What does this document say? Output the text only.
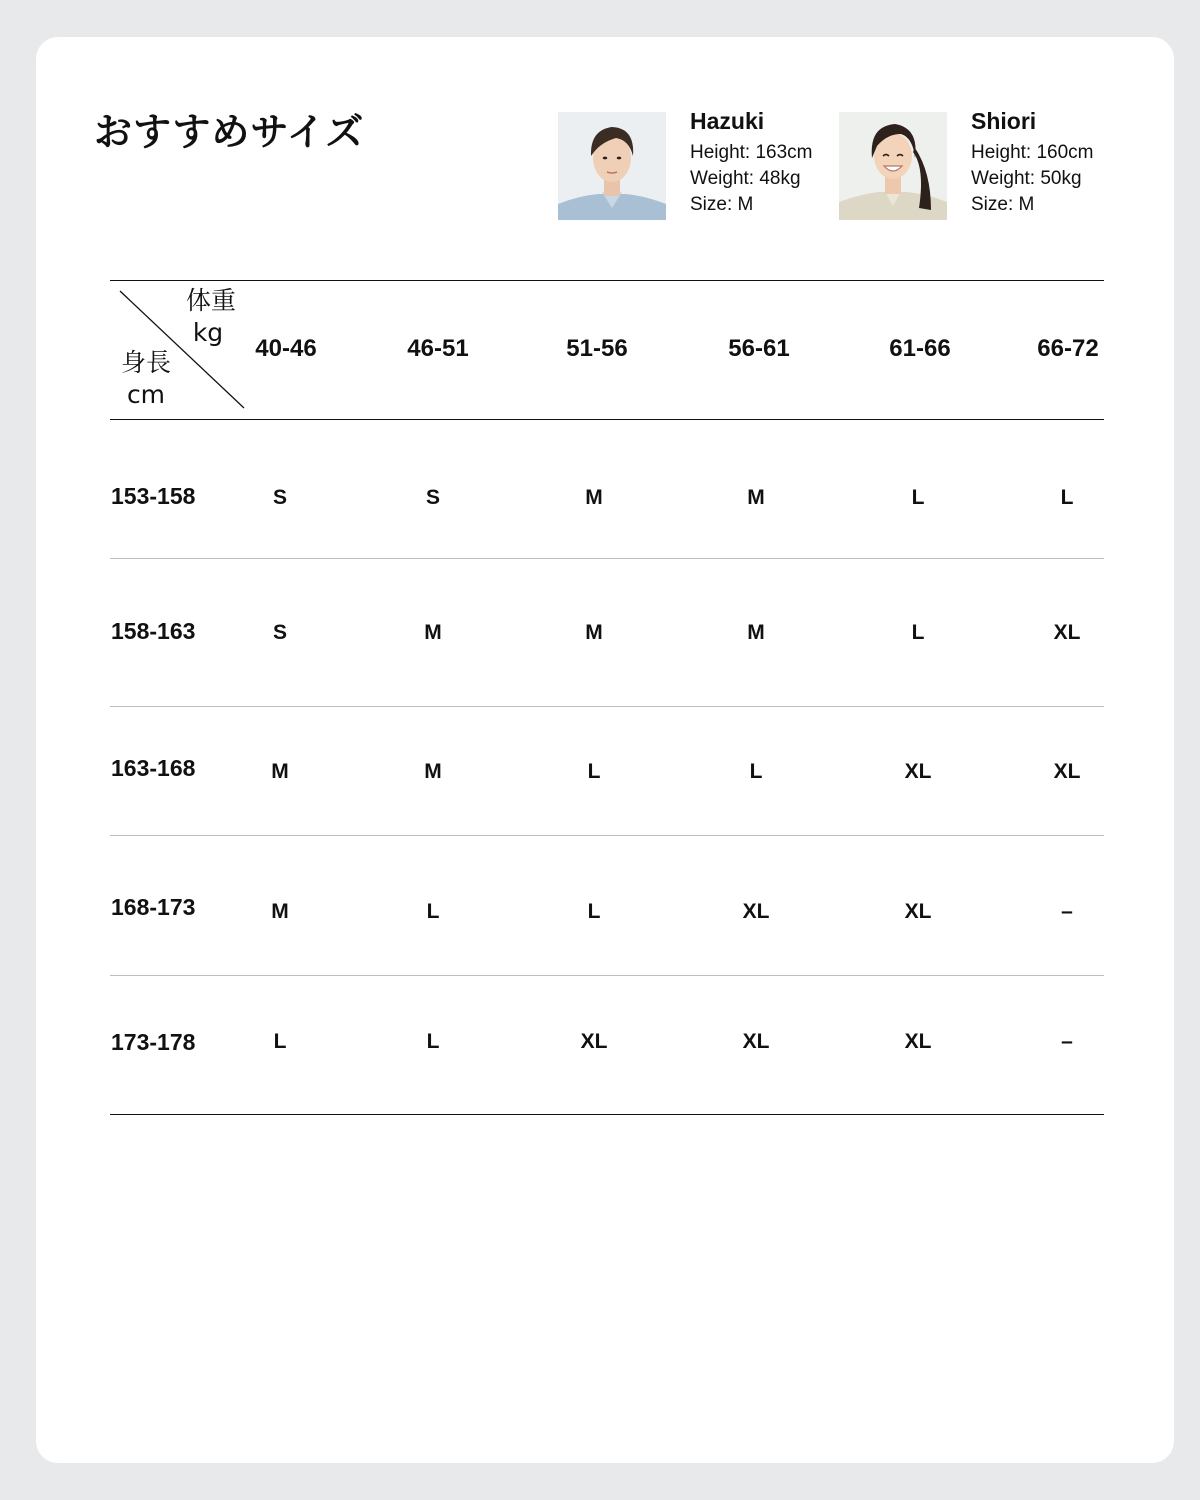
おすすめサイズ	Hazuki
Height: 163cm
Weight: 48kg
Size: M
Shiori
Height: 160cm
Weight: 50kg
Size: M
体重
kg
身長
cm
40-46	46-51	51-56	56-61	61-66	66-72
153-158	S	S	M	M	L	L
158-163	S	M	M	M	L	XL
163-168	M	M	L	L	XL	XL
168-173	M	L	L	XL	XL	–
173-178	L	L	XL	XL	XL	–
